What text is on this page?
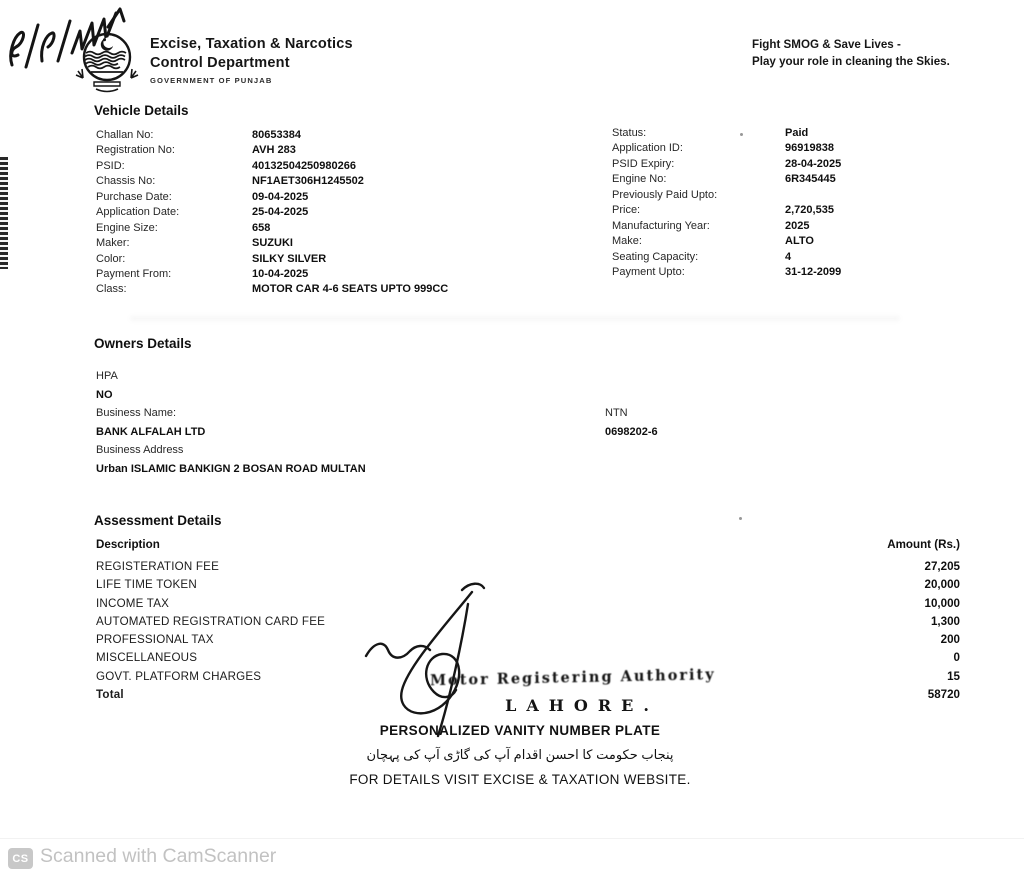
Excise, Taxation & Narcotics
Control Department
GOVERNMENT OF PUNJAB
Fight SMOG & Save Lives -
Play your role in cleaning the Skies.
Vehicle Details
Challan No:	80653384
Registration No:	AVH 283
PSID:	40132504250980266
Chassis No:	NF1AET306H1245502
Purchase Date:	09-04-2025
Application Date:	25-04-2025
Engine Size:	658
Maker:	SUZUKI
Color:	SILKY SILVER
Payment From:	10-04-2025
Class:	MOTOR CAR 4-6 SEATS UPTO 999CC
Status:	Paid
Application ID:	96919838
PSID Expiry:	28-04-2025
Engine No:	6R345445
Previously Paid Upto:
Price:	2,720,535
Manufacturing Year:	2025
Make:	ALTO
Seating Capacity:	4
Payment Upto:	31-12-2099
Owners Details
HPA
NO
Business Name:
BANK ALFALAH LTD
Business Address
Urban ISLAMIC BANKIGN 2 BOSAN ROAD MULTAN
NTN
0698202-6
Assessment Details
Description	Amount (Rs.)
REGISTERATION FEE	27,205
LIFE TIME TOKEN	20,000
INCOME TAX	10,000
AUTOMATED REGISTRATION CARD FEE	1,300
PROFESSIONAL TAX	200
MISCELLANEOUS	0
GOVT. PLATFORM CHARGES	15
Total	58720
Motor Registering Authority
LAHORE.
PERSONALIZED VANITY NUMBER PLATE
پنجاب حکومت کا احسن اقدام آپ کی گاڑی آپ کی پہچان
FOR DETAILS VISIT EXCISE & TAXATION WEBSITE.
CS Scanned with CamScanner
